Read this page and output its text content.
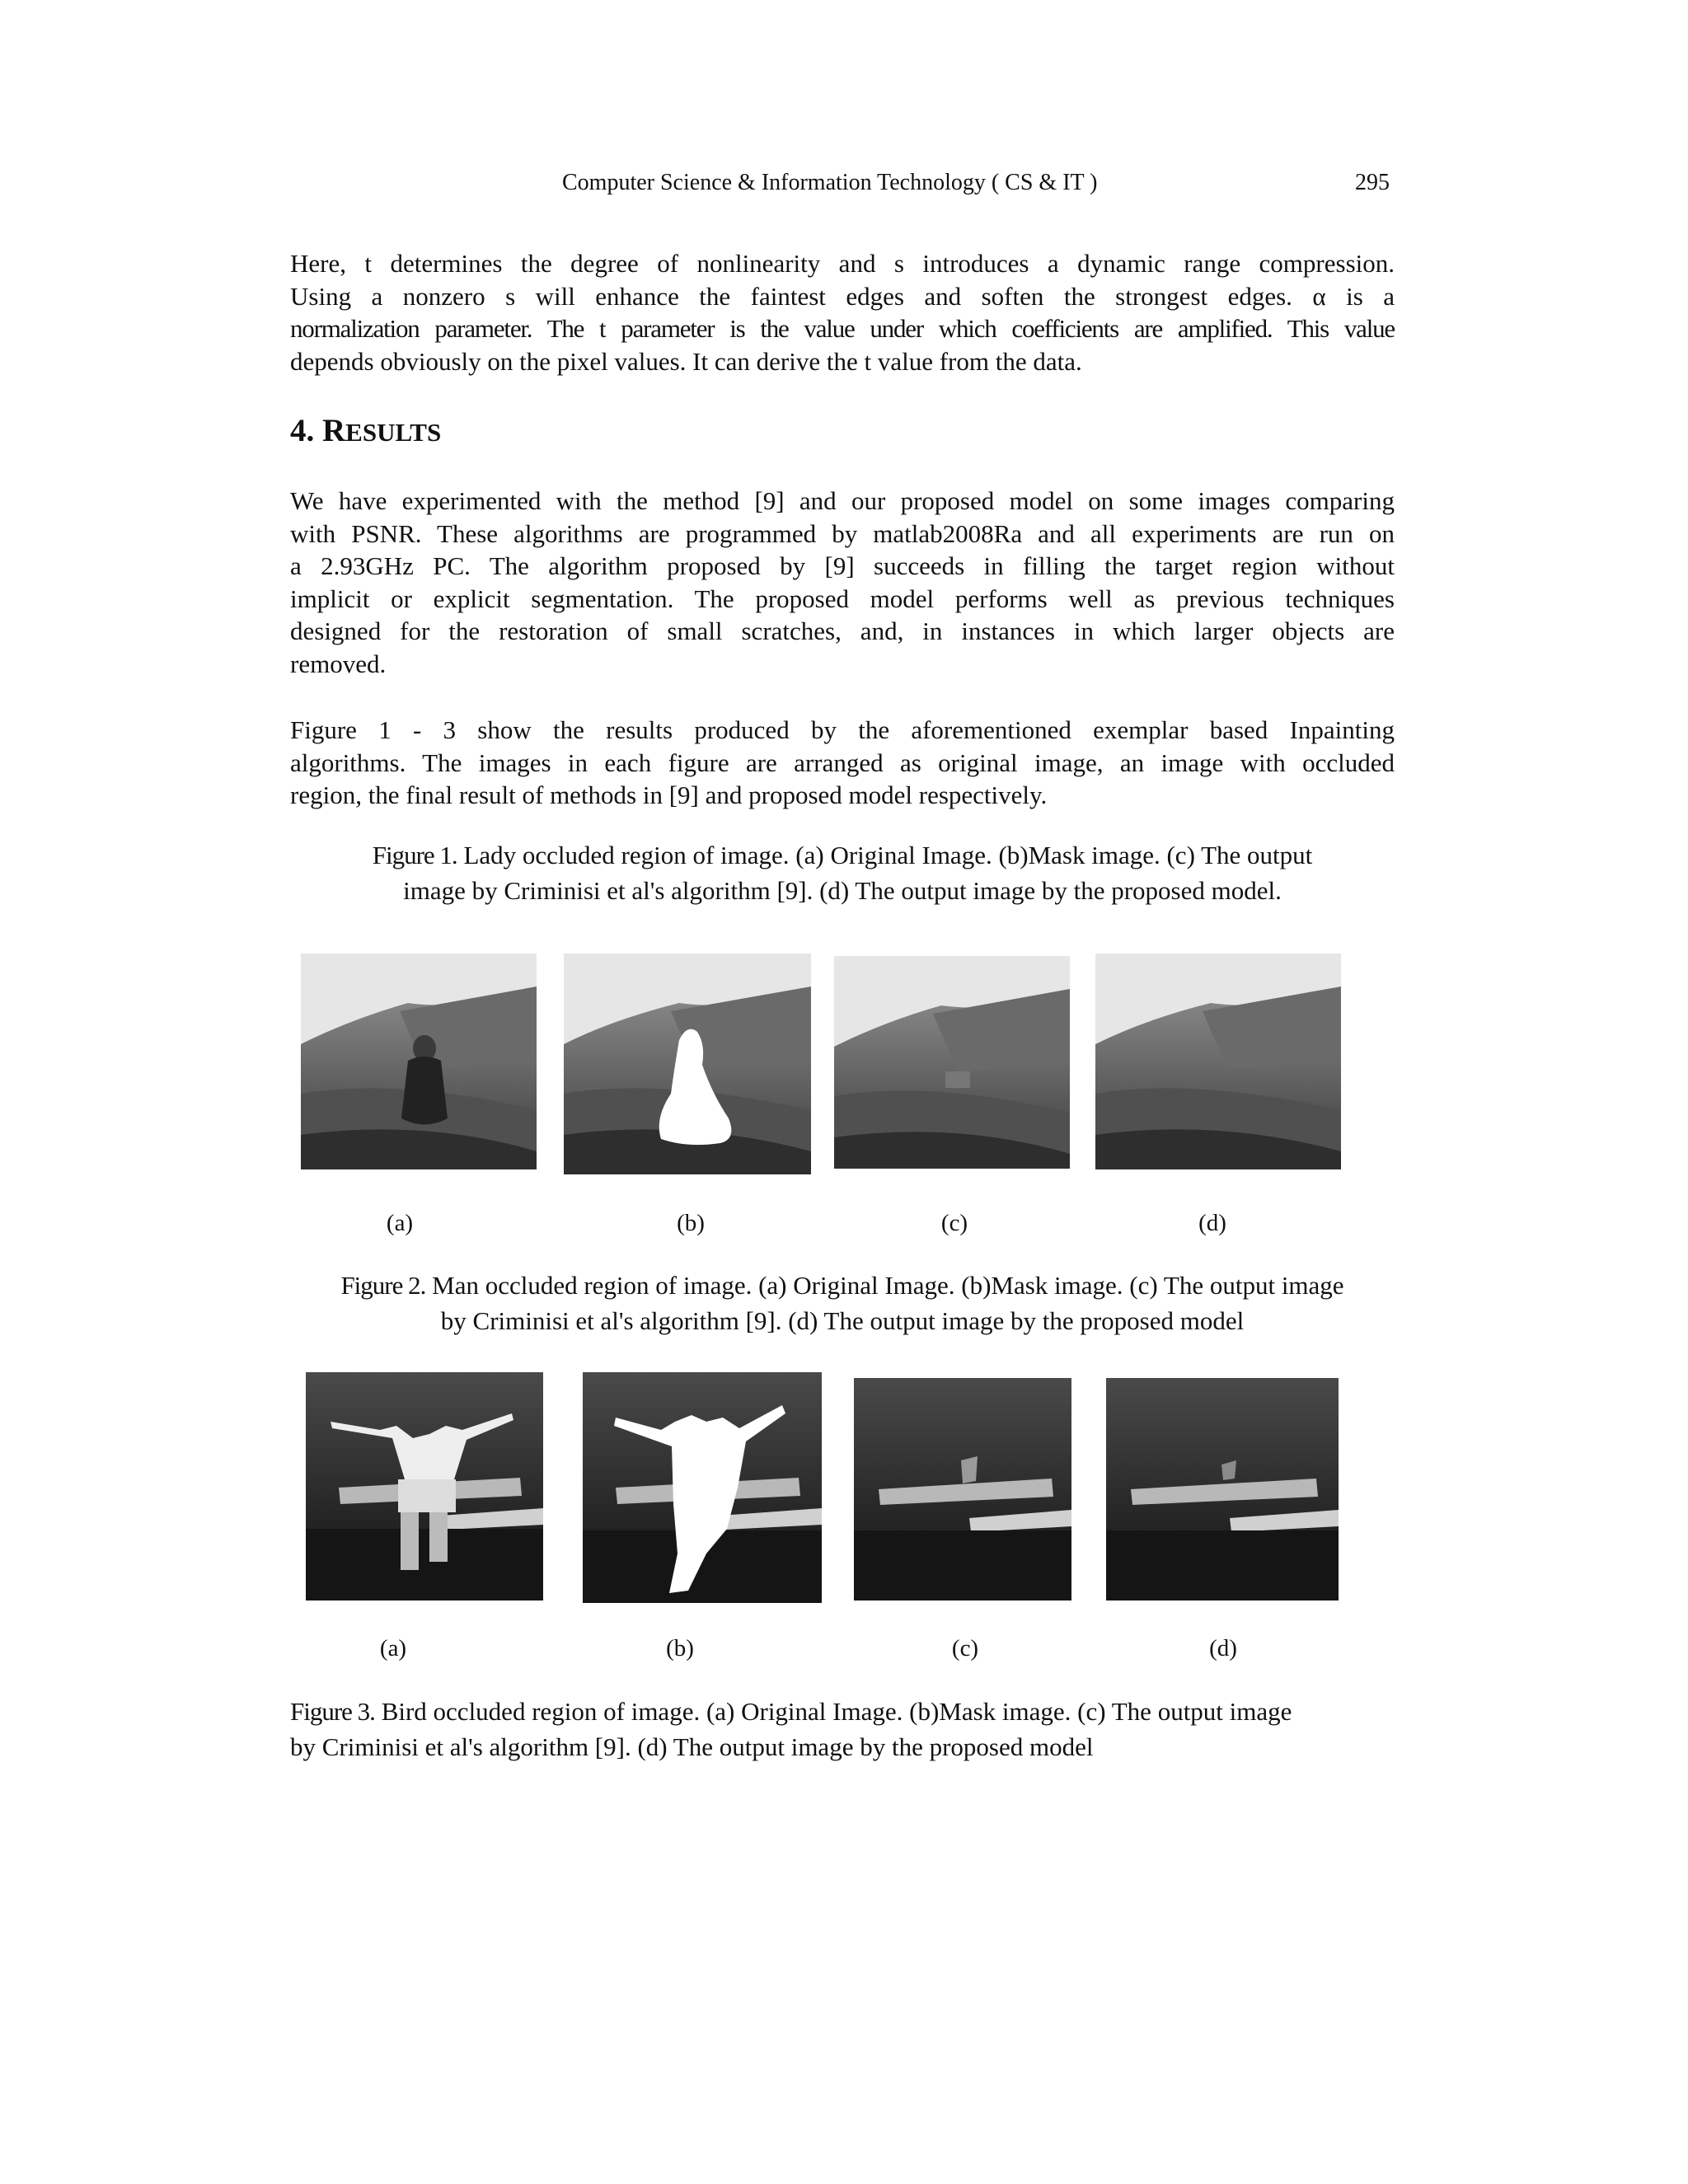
Computer Science & Information Technology ( CS & IT )	295

Here, t determines the degree of nonlinearity and s introduces a dynamic range compression.
Using a nonzero s will enhance the faintest edges and soften the strongest edges. α is a
normalization parameter. The t parameter is the value under which coefficients are amplified. This value
depends obviously on the pixel values. It can derive the t value from the data.

4. RESULTS

We have experimented with the method [9] and our proposed model on some images comparing
with PSNR. These algorithms are programmed by matlab2008Ra and all experiments are run on
a 2.93GHz PC. The algorithm proposed by [9] succeeds in filling the target region without
implicit or explicit segmentation. The proposed model performs well as previous techniques
designed for the restoration of small scratches, and, in instances in which larger objects are
removed.

Figure 1 - 3 show the results produced by the aforementioned exemplar based Inpainting
algorithms. The images in each figure are arranged as original image, an image with occluded
region, the final result of methods in [9] and proposed model respectively.

Figure 1. Lady occluded region of image. (a) Original Image. (b)Mask image. (c) The output
image by Criminisi et al's algorithm [9]. (d) The output image by the proposed model.

(a)	(b)	(c)	(d)

Figure 2. Man occluded region of image. (a) Original Image. (b)Mask image. (c) The output image
by Criminisi et al's algorithm [9]. (d) The output image by the proposed model

(a)	(b)	(c)	(d)

Figure 3. Bird occluded region of image. (a) Original Image. (b)Mask image. (c) The output image
by Criminisi et al's algorithm [9]. (d) The output image by the proposed model
